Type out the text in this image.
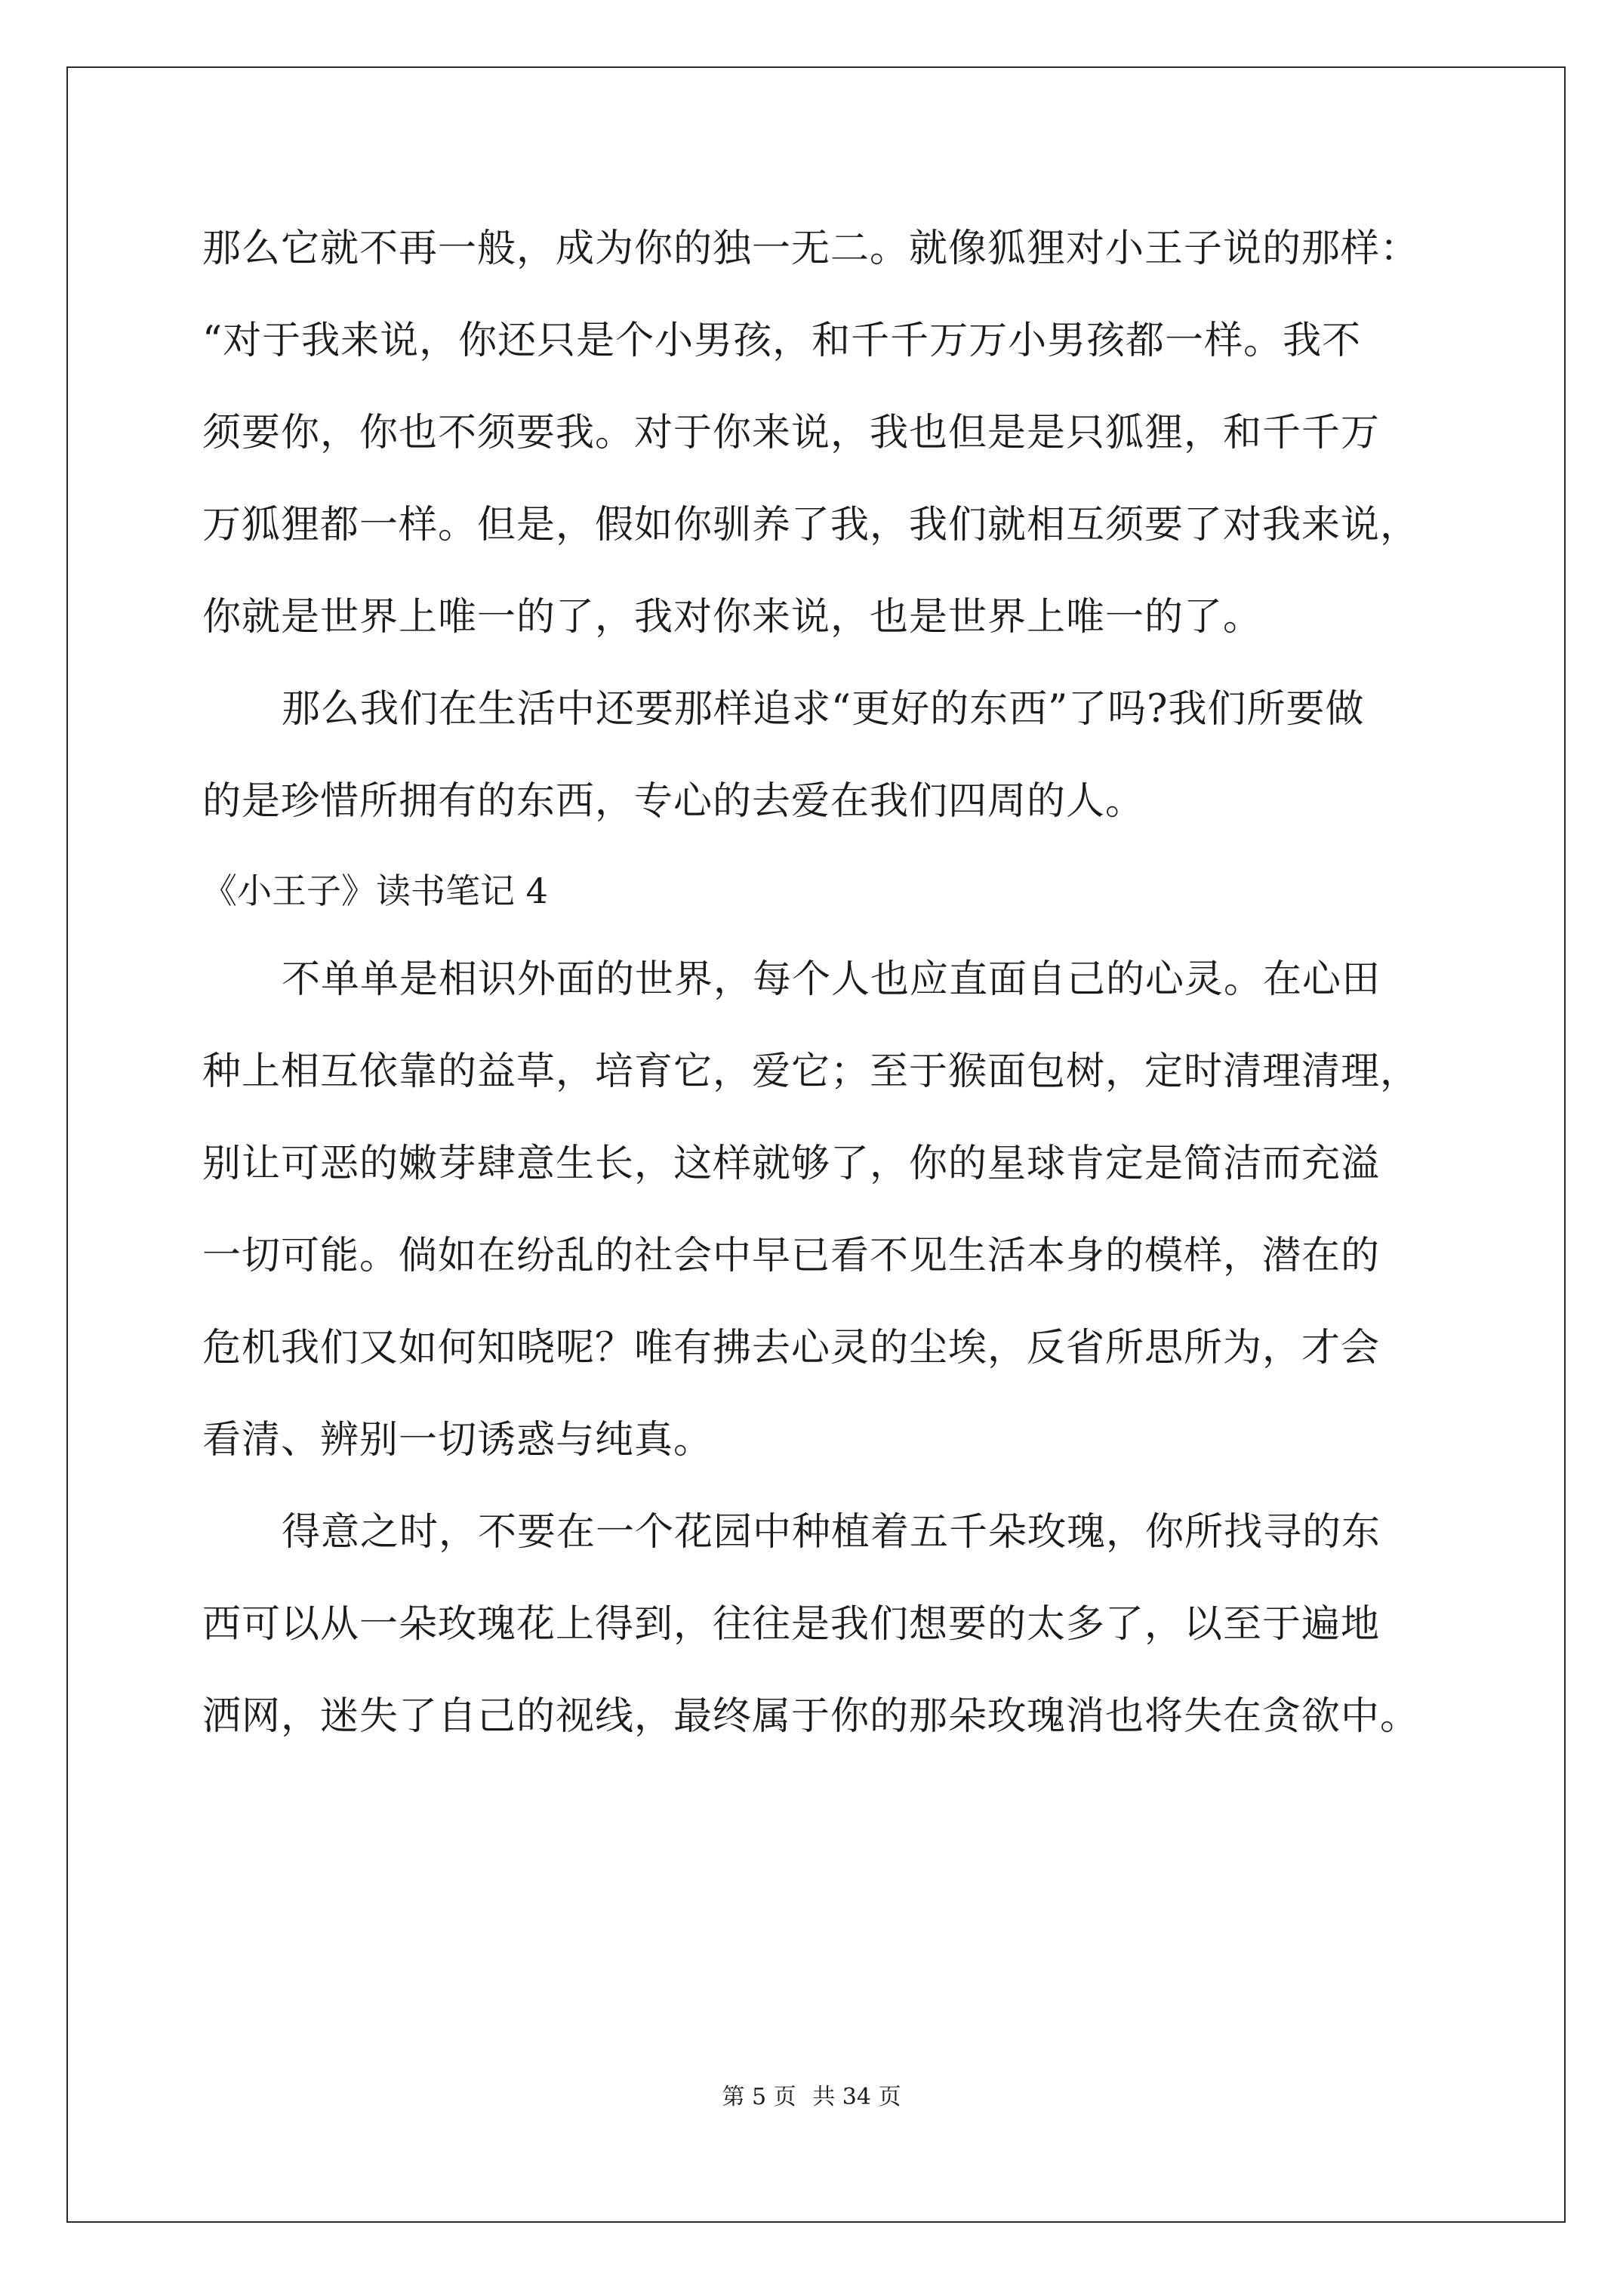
那么它就不再一般，成为你的独一无二。就像狐狸对小王子说的那样：
“对于我来说，你还只是个小男孩，和千千万万小男孩都一样。我不
须要你，你也不须要我。对于你来说，我也但是是只狐狸，和千千万
万狐狸都一样。但是，假如你驯养了我，我们就相互须要了对我来说，
你就是世界上唯一的了，我对你来说，也是世界上唯一的了。
那么我们在生活中还要那样追求“更好的东西”了吗?我们所要做
的是珍惜所拥有的东西，专心的去爱在我们四周的人。
《小王子》读书笔记 4
不单单是相识外面的世界，每个人也应直面自己的心灵。在心田
种上相互依靠的益草，培育它，爱它；至于猴面包树，定时清理清理，
别让可恶的嫩芽肆意生长，这样就够了，你的星球肯定是简洁而充溢
一切可能。倘如在纷乱的社会中早已看不见生活本身的模样，潜在的
危机我们又如何知晓呢？唯有拂去心灵的尘埃，反省所思所为，才会
看清、辨别一切诱惑与纯真。
得意之时，不要在一个花园中种植着五千朵玫瑰，你所找寻的东
西可以从一朵玫瑰花上得到，往往是我们想要的太多了，以至于遍地
洒网，迷失了自己的视线，最终属于你的那朵玫瑰消也将失在贪欲中。
第 5 页 共 34 页
